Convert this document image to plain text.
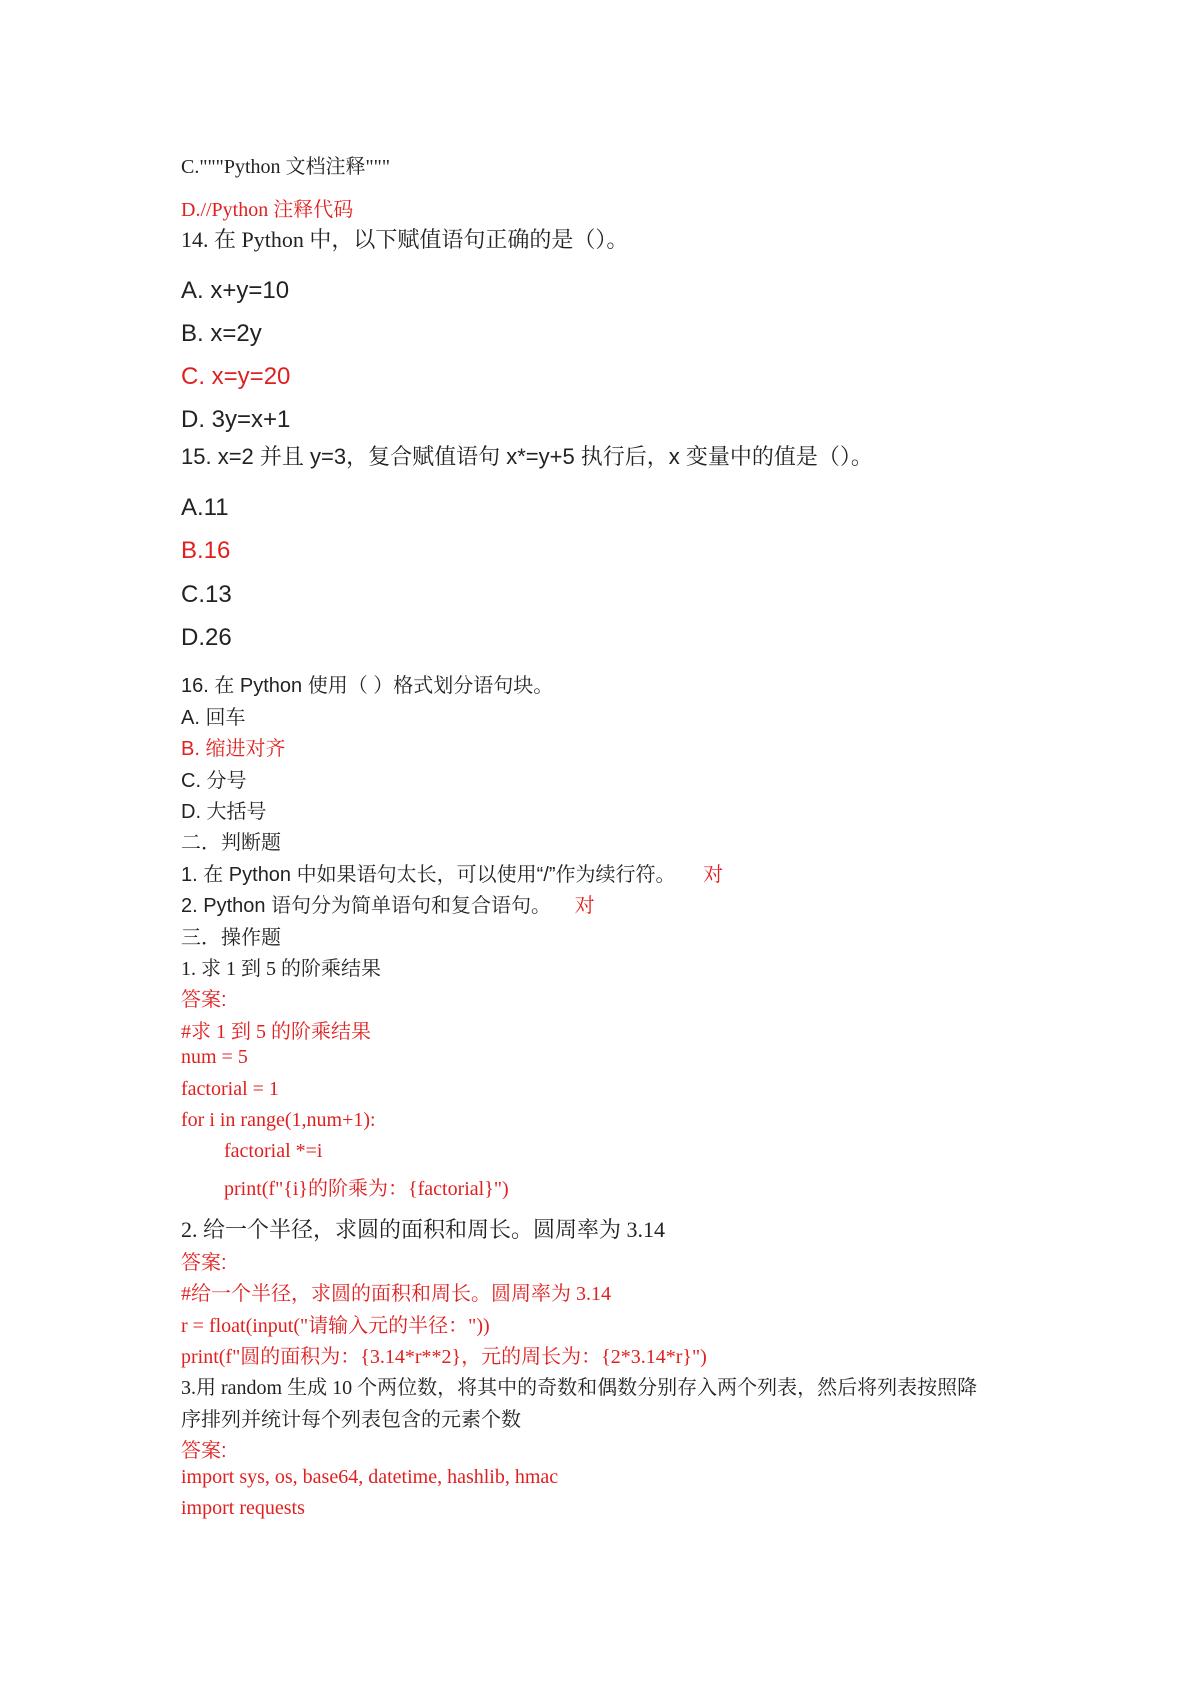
C."""Python 文档注释"""
D.//Python 注释代码
14. 在 Python 中，以下赋值语句正确的是（）。
A. x+y=10
B. x=2y
C. x=y=20
D. 3y=x+1
15. x=2 并且 y=3，复合赋值语句 x*=y+5 执行后，x 变量中的值是（）。
A.11
B.16
C.13
D.26
16. 在 Python 使用（ ）格式划分语句块。
A. 回车
B. 缩进对齐
C. 分号
D. 大括号
二．判断题
1. 在 Python 中如果语句太长，可以使用“/”作为续行符。 对
2. Python 语句分为简单语句和复合语句。 对
三．操作题
1. 求 1 到 5 的阶乘结果
答案:
#求 1 到 5 的阶乘结果
num = 5
factorial = 1
for i in range(1,num+1):
factorial *=i
print(f"{i}的阶乘为：{factorial}")
2. 给一个半径，求圆的面积和周长。圆周率为 3.14
答案:
#给一个半径，求圆的面积和周长。圆周率为 3.14
r = float(input("请输入元的半径："))
print(f"圆的面积为：{3.14*r**2}，元的周长为：{2*3.14*r}")
3.用 random 生成 10 个两位数，将其中的奇数和偶数分别存入两个列表，然后将列表按照降
序排列并统计每个列表包含的元素个数
答案:
import sys, os, base64, datetime, hashlib, hmac
import requests
